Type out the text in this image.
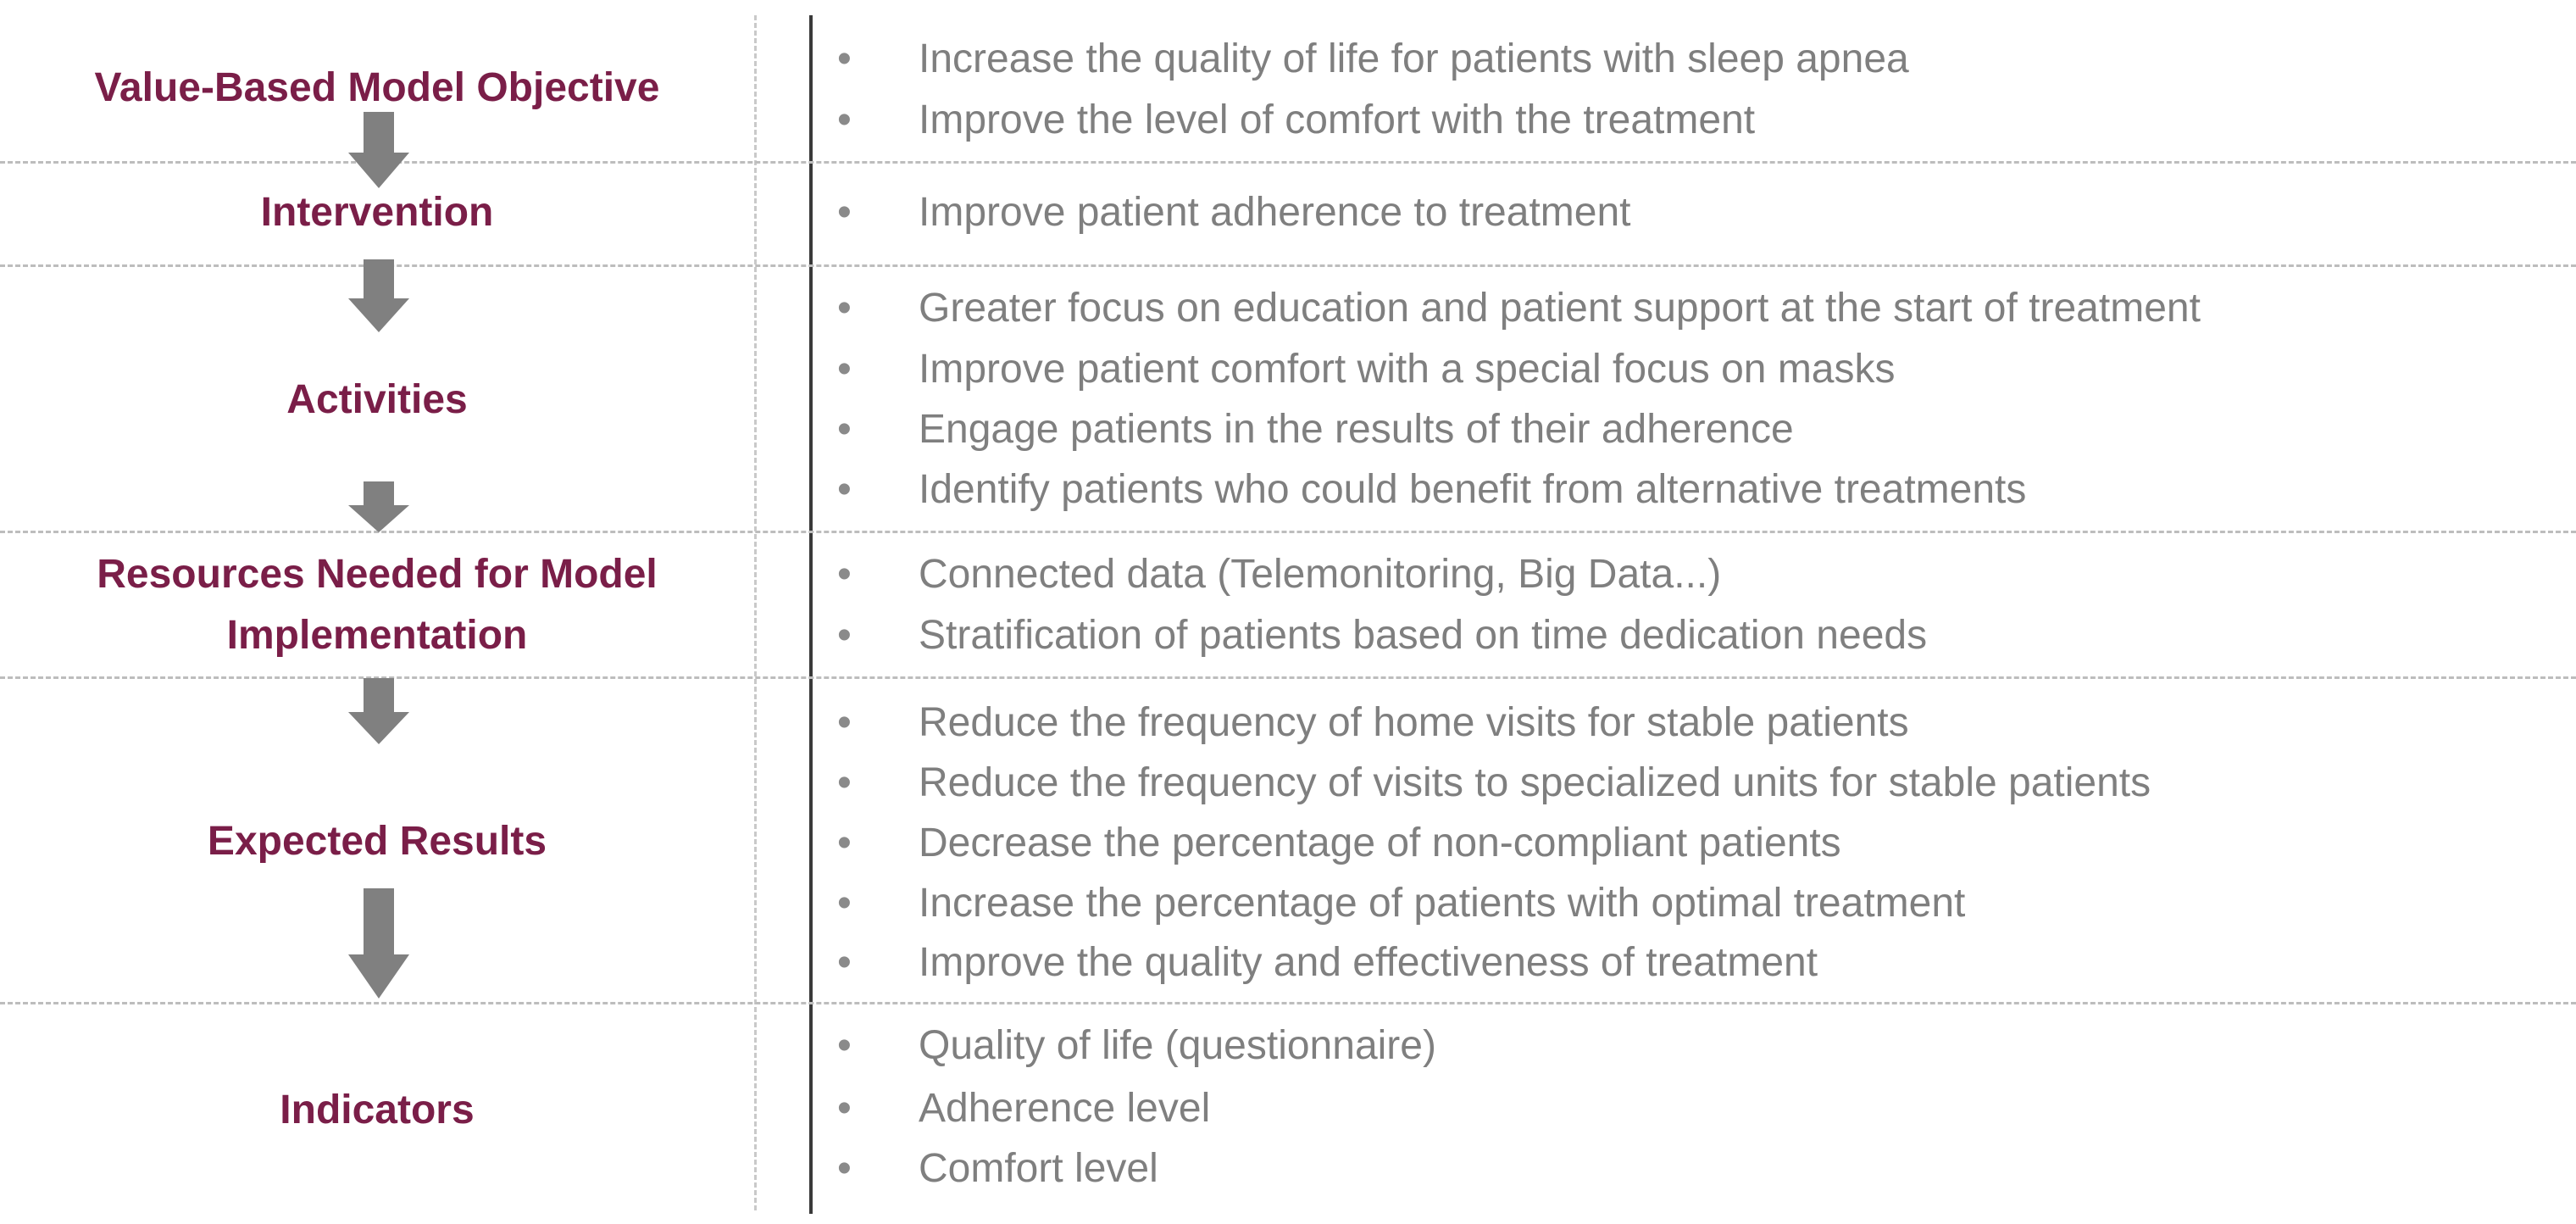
Value-Based Model Objective
Intervention
Activities
Resources Needed for Model
Implementation
Expected Results
Indicators
• Increase the quality of life for patients with sleep apnea
• Improve the level of comfort with the treatment
• Improve patient adherence to treatment
• Greater focus on education and patient support at the start of treatment
• Improve patient comfort with a special focus on masks
• Engage patients in the results of their adherence
• Identify patients who could benefit from alternative treatments
• Connected data (Telemonitoring, Big Data...)
• Stratification of patients based on time dedication needs
• Reduce the frequency of home visits for stable patients
• Reduce the frequency of visits to specialized units for stable patients
• Decrease the percentage of non-compliant patients
• Increase the percentage of patients with optimal treatment
• Improve the quality and effectiveness of treatment
• Quality of life (questionnaire)
• Adherence level
• Comfort level
